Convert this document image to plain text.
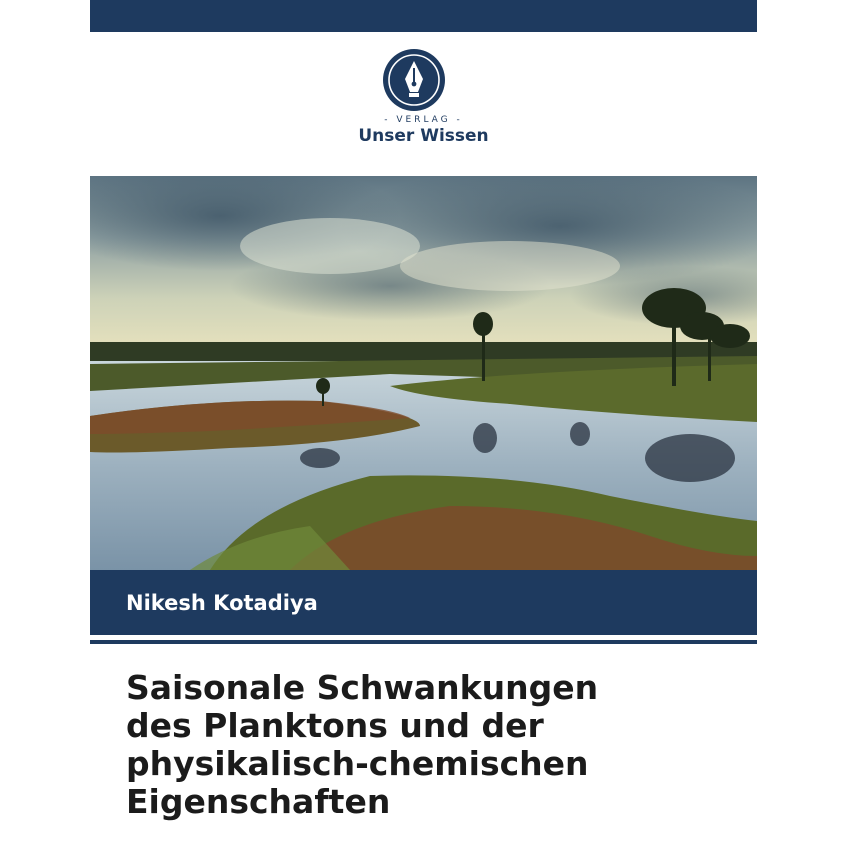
- VERLAG -
Unser Wissen
Nikesh Kotadiya
Saisonale Schwankungen
des Planktons und der
physikalisch-chemischen
Eigenschaften
